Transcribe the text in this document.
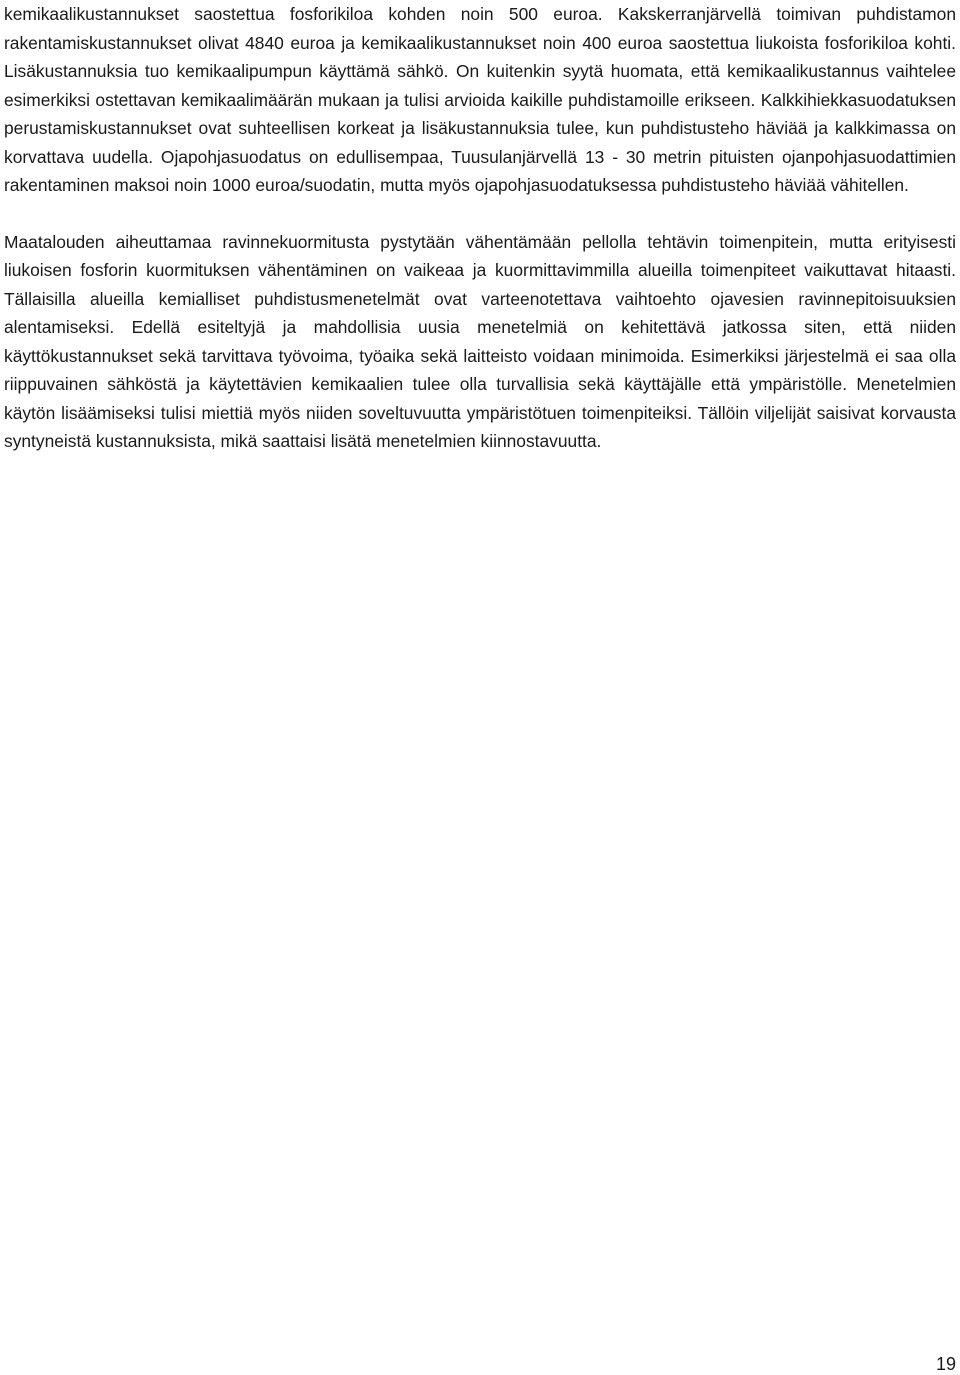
kemikaalikustannukset saostettua fosforikiloa kohden noin 500 euroa. Kakskerranjärvellä toimivan puhdistamon rakentamiskustannukset olivat 4840 euroa ja kemikaalikustannukset noin 400 euroa saostettua liukoista fosforikiloa kohti. Lisäkustannuksia tuo kemikaalipumpun käyttämä sähkö. On kuitenkin syytä huomata, että kemikaalikustannus vaihtelee esimerkiksi ostettavan kemikaalimäärän mukaan ja tulisi arvioida kaikille puhdistamoille erikseen. Kalkkihiekkasuodatuksen perustamiskustannukset ovat suhteellisen korkeat ja lisäkustannuksia tulee, kun puhdistusteho häviää ja kalkkimassa on korvattava uudella. Ojapohjasuodatus on edullisempaa, Tuusulanjärvellä 13 - 30 metrin pituisten ojanpohjasuodattimien rakentaminen maksoi noin 1000 euroa/suodatin, mutta myös ojapohjasuodatuksessa puhdistusteho häviää vähitellen.

Maatalouden aiheuttamaa ravinnekuormitusta pystytään vähentämään pellolla tehtävin toimenpitein, mutta erityisesti liukoisen fosforin kuormituksen vähentäminen on vaikeaa ja kuormittavimmilla alueilla toimenpiteet vaikuttavat hitaasti. Tällaisilla alueilla kemialliset puhdistusmenetelmät ovat varteenotettava vaihtoehto ojavesien ravinnepitoisuuksien alentamiseksi. Edellä esiteltyjä ja mahdollisia uusia menetelmiä on kehitettävä jatkossa siten, että niiden käyttökustannukset sekä tarvittava työvoima, työaika sekä laitteisto voidaan minimoida. Esimerkiksi järjestelmä ei saa olla riippuvainen sähköstä ja käytettävien kemikaalien tulee olla turvallisia sekä käyttäjälle että ympäristölle. Menetelmien käytön lisäämiseksi tulisi miettiä myös niiden soveltuvuutta ympäristötuen toimenpiteiksi. Tällöin viljelijät saisivat korvausta syntyneistä kustannuksista, mikä saattaisi lisätä menetelmien kiinnostavuutta.

19
